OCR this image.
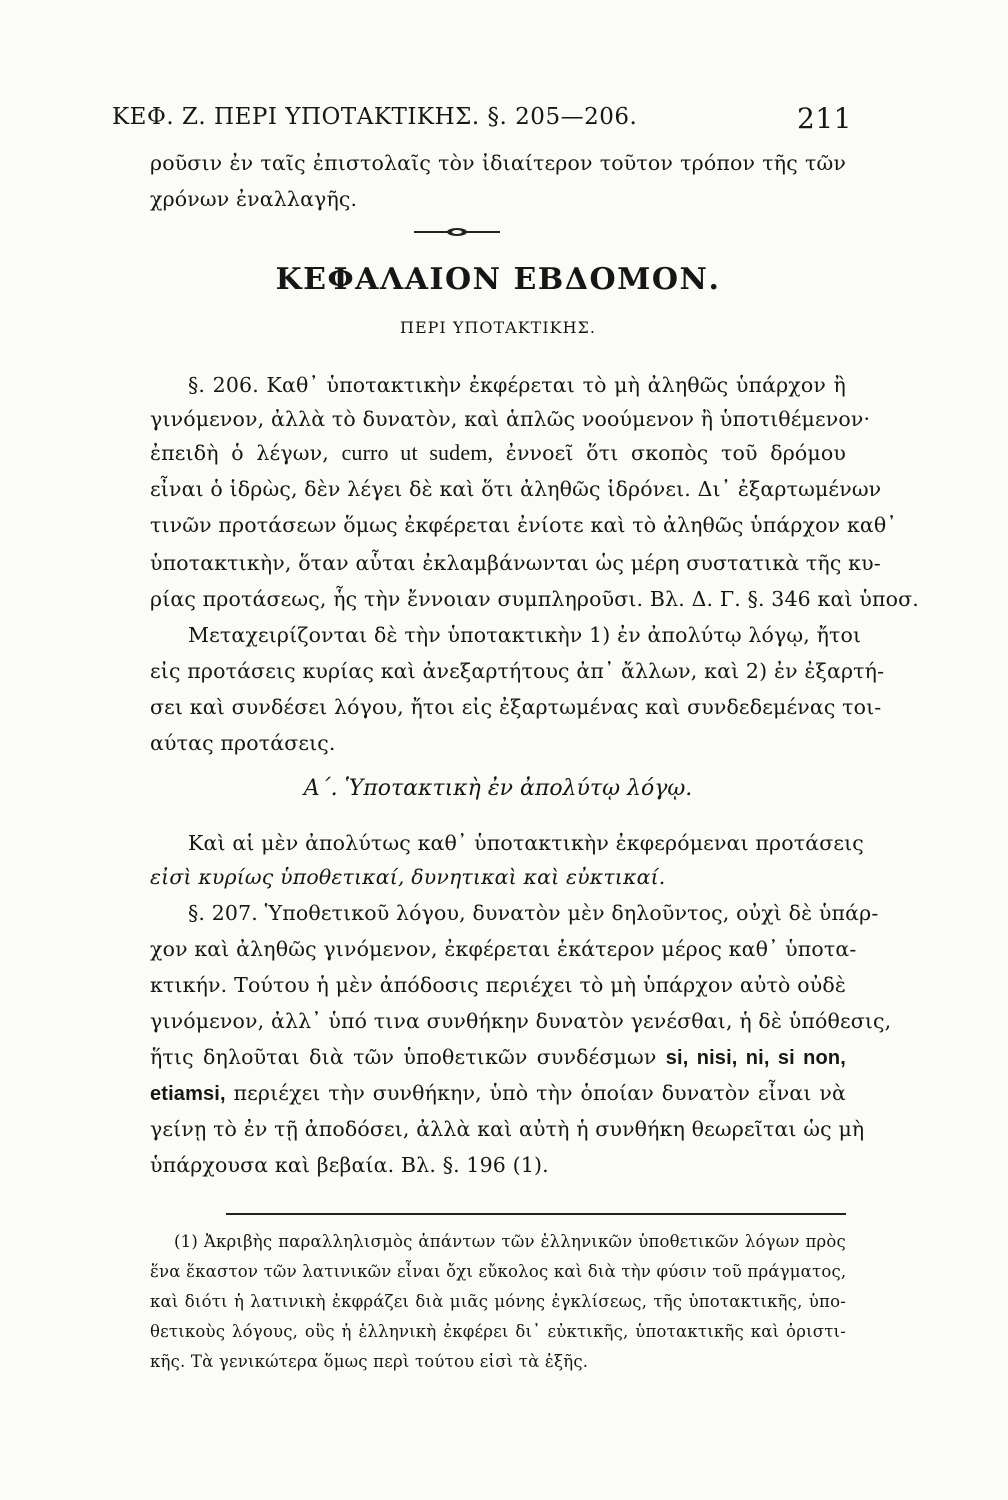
ΚΕΦ. Ζ. ΠΕΡΙ ΥΠΟΤΑΚΤΙΚΗΣ. §. 205—206.	211
ροῦσιν ἐν ταῖς ἐπιστολαῖς τὸν ἰδιαίτερον τοῦτον τρόπον τῆς τῶν
χρόνων ἐναλλαγῆς.
ΚΕΦΑΛΑΙΟΝ ΕΒΔΟΜΟΝ.
ΠΕΡΙ ΥΠΟΤΑΚΤΙΚΗΣ.
§. 206. Καθ᾽ ὑποτακτικὴν ἐκφέρεται τὸ μὴ ἀληθῶς ὑπάρχον ἢ
γινόμενον, ἀλλὰ τὸ δυνατὸν, καὶ ἁπλῶς νοούμενον ἢ ὑποτιθέμενον·
ἐπειδὴ ὁ λέγων, curro ut sudem, ἐννοεῖ ὅτι σκοπὸς τοῦ δρόμου
εἶναι ὁ ἱδρὼς, δὲν λέγει δὲ καὶ ὅτι ἀληθῶς ἱδρόνει. Δι᾽ ἐξαρτωμένων
τινῶν προτάσεων ὅμως ἐκφέρεται ἐνίοτε καὶ τὸ ἀληθῶς ὑπάρχον καθ᾽
ὑποτακτικὴν, ὅταν αὗται ἐκλαμβάνωνται ὡς μέρη συστατικὰ τῆς κυ-
ρίας προτάσεως, ἧς τὴν ἔννοιαν συμπληροῦσι. Βλ. Δ. Γ. §. 346 καὶ ὑποσ.
Μεταχειρίζονται δὲ τὴν ὑποτακτικὴν 1) ἐν ἀπολύτῳ λόγῳ, ἤτοι
εἰς προτάσεις κυρίας καὶ ἀνεξαρτήτους ἀπ᾽ ἄλλων, καὶ 2) ἐν ἐξαρτή-
σει καὶ συνδέσει λόγου, ἤτοι εἰς ἐξαρτωμένας καὶ συνδεδεμένας τοι-
αύτας προτάσεις.
Α΄. Ὑποτακτικὴ ἐν ἀπολύτῳ λόγῳ.
Καὶ αἱ μὲν ἀπολύτως καθ᾽ ὑποτακτικὴν ἐκφερόμεναι προτάσεις
εἰσὶ κυρίως ὑποθετικαί, δυνητικαὶ καὶ εὐκτικαί.
§. 207. Ὑποθετικοῦ λόγου, δυνατὸν μὲν δηλοῦντος, οὐχὶ δὲ ὑπάρ-
χον καὶ ἀληθῶς γινόμενον, ἐκφέρεται ἑκάτερον μέρος καθ᾽ ὑποτα-
κτικήν. Τούτου ἡ μὲν ἀπόδοσις περιέχει τὸ μὴ ὑπάρχον αὐτὸ οὐδὲ
γινόμενον, ἀλλ᾽ ὑπό τινα συνθήκην δυνατὸν γενέσθαι, ἡ δὲ ὑπόθεσις,
ἥτις δηλοῦται διὰ τῶν ὑποθετικῶν συνδέσμων si, nisi, ni, si non,
etiamsi, περιέχει τὴν συνθήκην, ὑπὸ τὴν ὁποίαν δυνατὸν εἶναι νὰ
γείνῃ τὸ ἐν τῇ ἀποδόσει, ἀλλὰ καὶ αὐτὴ ἡ συνθήκη θεωρεῖται ὡς μὴ
ὑπάρχουσα καὶ βεβαία. Βλ. §. 196 (1).
(1) Ἀκριβὴς παραλληλισμὸς ἁπάντων τῶν ἑλληνικῶν ὑποθετικῶν λόγων πρὸς
ἕνα ἕκαστον τῶν λατινικῶν εἶναι ὄχι εὔκολος καὶ διὰ τὴν φύσιν τοῦ πράγματος,
καὶ διότι ἡ λατινικὴ ἐκφράζει διὰ μιᾶς μόνης ἐγκλίσεως, τῆς ὑποτακτικῆς, ὑπο-
θετικοὺς λόγους, οὓς ἡ ἑλληνικὴ ἐκφέρει δι᾽ εὐκτικῆς, ὑποτακτικῆς καὶ ὁριστι-
κῆς. Τὰ γενικώτερα ὅμως περὶ τούτου εἰσὶ τὰ ἑξῆς.
